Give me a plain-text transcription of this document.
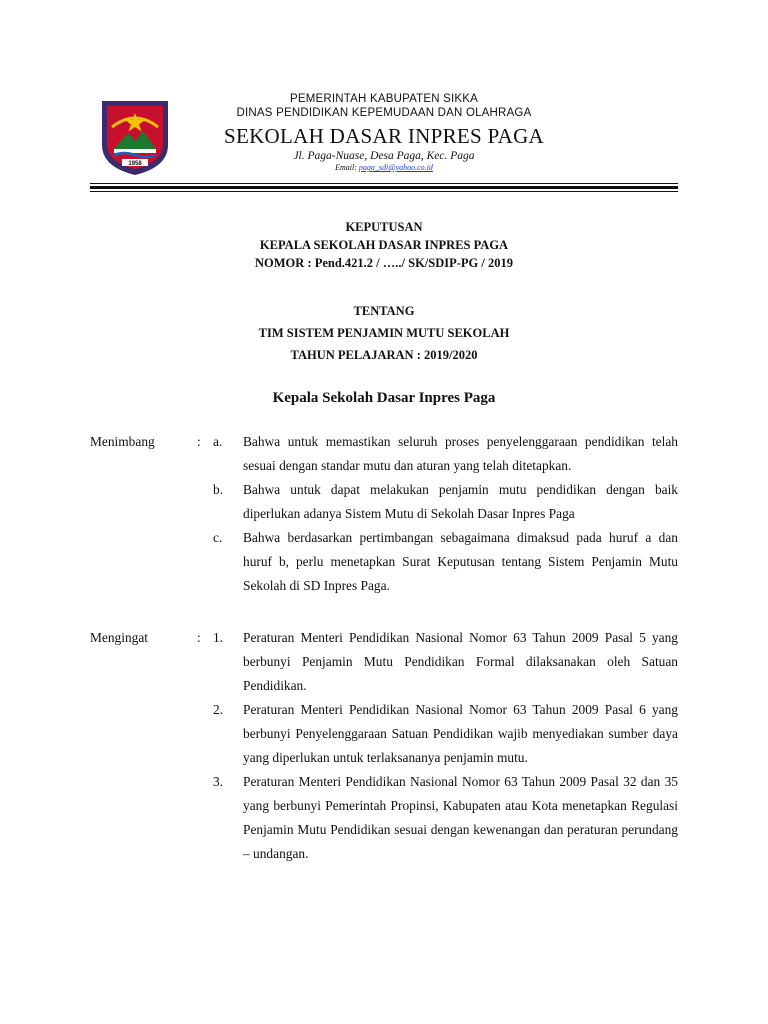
1958
PEMERINTAH KABUPATEN SIKKA
DINAS PENDIDIKAN KEPEMUDAAN DAN OLAHRAGA
SEKOLAH DASAR INPRES PAGA
Jl. Paga-Nuase, Desa Paga, Kec. Paga
Email: paga_sdi@yahoo.co.id
KEPUTUSAN
KEPALA SEKOLAH DASAR INPRES PAGA
NOMOR : Pend.421.2 / …../ SK/SDIP-PG / 2019
TENTANG
TIM SISTEM PENJAMIN MUTU SEKOLAH
TAHUN PELAJARAN : 2019/2020
Kepala Sekolah Dasar Inpres Paga
Menimbang	: a. Bahwa untuk memastikan seluruh proses penyelenggaraan pendidikan telah sesuai dengan standar mutu dan aturan yang telah ditetapkan.
b. Bahwa untuk dapat melakukan penjamin mutu pendidikan dengan baik diperlukan adanya Sistem Mutu di Sekolah Dasar Inpres Paga
c. Bahwa berdasarkan pertimbangan sebagaimana dimaksud pada huruf a dan huruf b, perlu menetapkan Surat Keputusan tentang Sistem Penjamin Mutu Sekolah di SD Inpres Paga.
Mengingat	: 1. Peraturan Menteri Pendidikan Nasional Nomor 63 Tahun 2009 Pasal 5 yang berbunyi Penjamin Mutu Pendidikan Formal dilaksanakan oleh Satuan Pendidikan.
2. Peraturan Menteri Pendidikan Nasional Nomor 63 Tahun 2009 Pasal 6 yang berbunyi Penyelenggaraan Satuan Pendidikan wajib menyediakan sumber daya yang diperlukan untuk terlaksananya penjamin mutu.
3. Peraturan Menteri Pendidikan Nasional Nomor 63 Tahun 2009 Pasal 32 dan 35 yang berbunyi Pemerintah Propinsi, Kabupaten atau Kota menetapkan Regulasi Penjamin Mutu Pendidikan sesuai dengan kewenangan dan peraturan perundang – undangan.
